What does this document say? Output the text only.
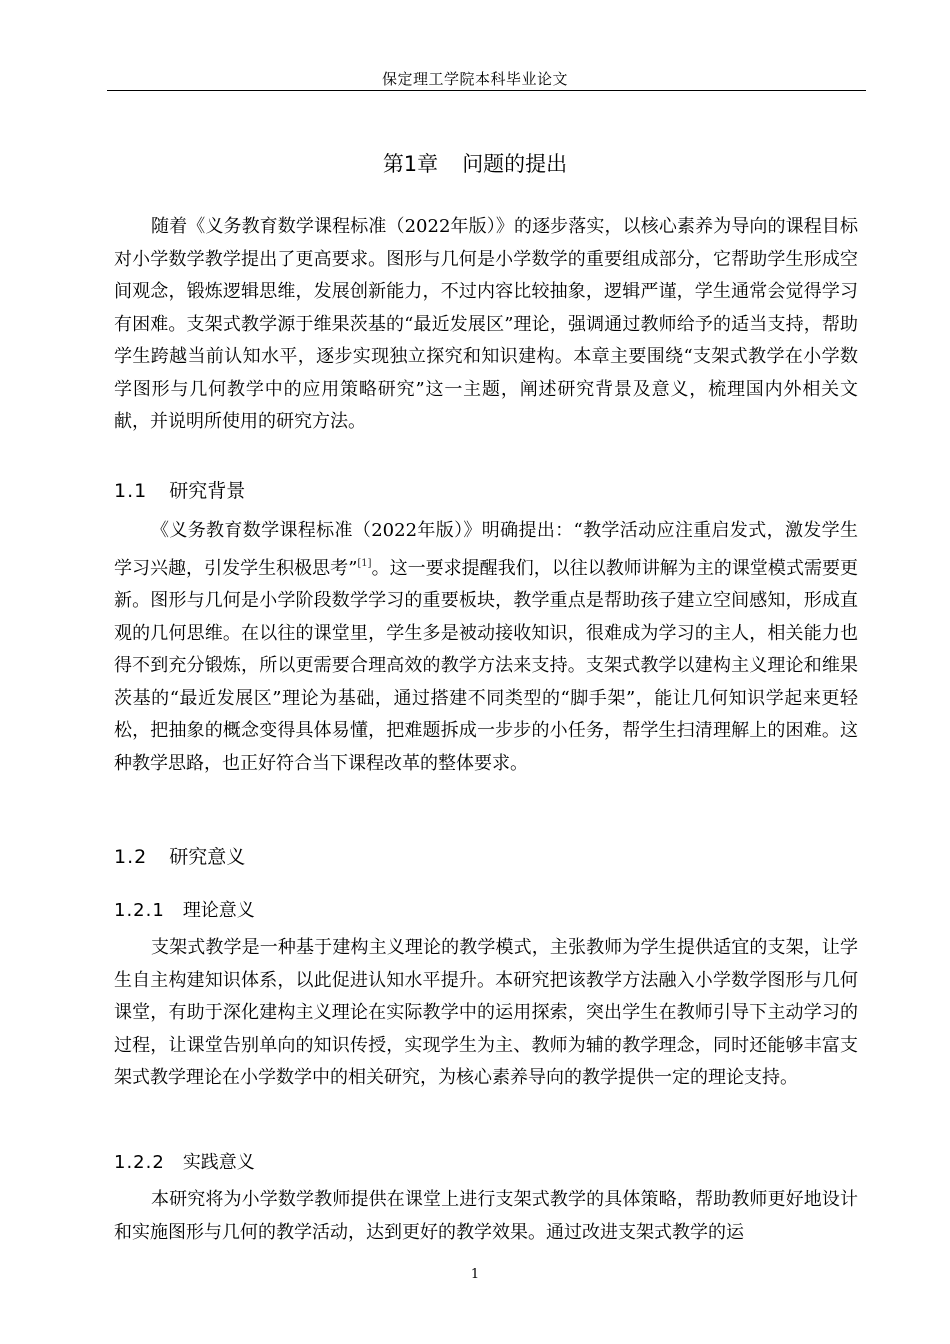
保定理工学院本科毕业论文
第1章 问题的提出

随着《义务教育数学课程标准（2022年版）》的逐步落实，以核心素养为导向的课程目标对小学数学教学提出了更高要求。图形与几何是小学数学的重要组成部分，它帮助学生形成空间观念，锻炼逻辑思维，发展创新能力，不过内容比较抽象，逻辑严谨，学生通常会觉得学习有困难。支架式教学源于维果茨基的“最近发展区”理论，强调通过教师给予的适当支持，帮助学生跨越当前认知水平，逐步实现独立探究和知识建构。本章主要围绕“支架式教学在小学数学图形与几何教学中的应用策略研究”这一主题，阐述研究背景及意义，梳理国内外相关文献，并说明所使用的研究方法。

1.1 研究背景

《义务教育数学课程标准（2022年版）》明确提出：“教学活动应注重启发式，激发学生学习兴趣，引发学生积极思考”[1]。这一要求提醒我们，以往以教师讲解为主的课堂模式需要更新。图形与几何是小学阶段数学学习的重要板块，教学重点是帮助孩子建立空间感知，形成直观的几何思维。在以往的课堂里，学生多是被动接收知识，很难成为学习的主人，相关能力也得不到充分锻炼，所以更需要合理高效的教学方法来支持。支架式教学以建构主义理论和维果茨基的“最近发展区”理论为基础，通过搭建不同类型的“脚手架”，能让几何知识学起来更轻松，把抽象的概念变得具体易懂，把难题拆成一步步的小任务，帮学生扫清理解上的困难。这种教学思路，也正好符合当下课程改革的整体要求。

1.2 研究意义
1.2.1 理论意义

支架式教学是一种基于建构主义理论的教学模式，主张教师为学生提供适宜的支架，让学生自主构建知识体系，以此促进认知水平提升。本研究把该教学方法融入小学数学图形与几何课堂，有助于深化建构主义理论在实际教学中的运用探索，突出学生在教师引导下主动学习的过程，让课堂告别单向的知识传授，实现学生为主、教师为辅的教学理念，同时还能够丰富支架式教学理论在小学数学中的相关研究，为核心素养导向的教学提供一定的理论支持。

1.2.2 实践意义

本研究将为小学数学教师提供在课堂上进行支架式教学的具体策略，帮助教师更好地设计和实施图形与几何的教学活动，达到更好的教学效果。通过改进支架式教学的运

1
